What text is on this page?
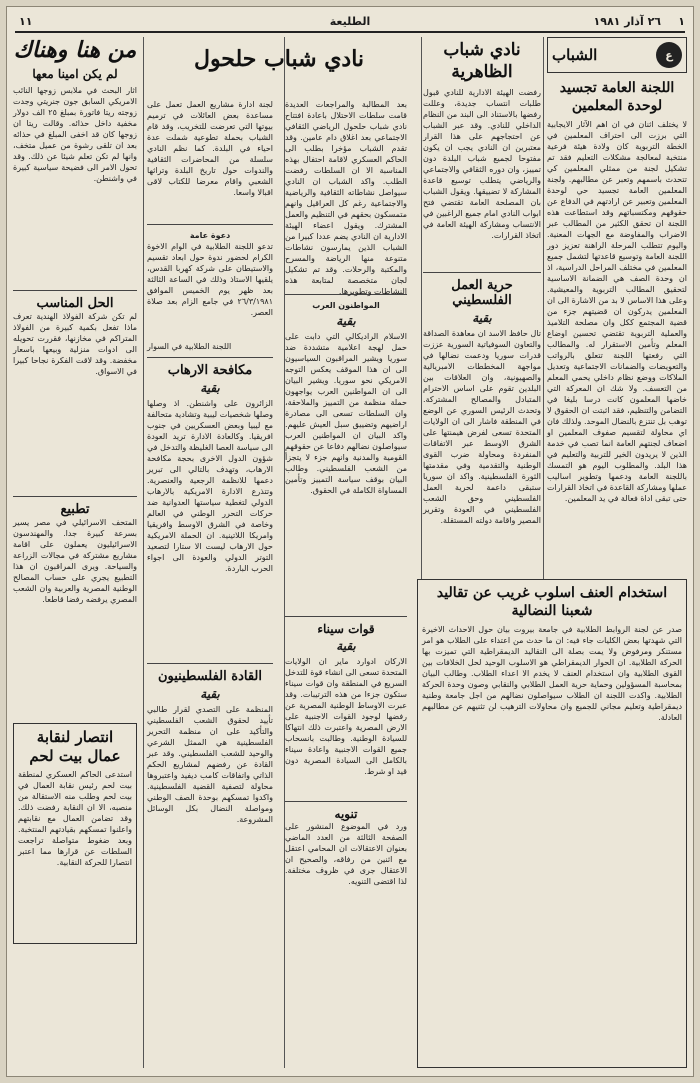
١
٢٦ آذار ١٩٨١
الطليعة
١١
ع
الشباب
اللجنة العامة تجسيد لوحدة المعلمين
لا يختلف اثنان في ان اهم الآثار الايجابية التي برزت الى احتراف المعلمين في الخطة التربوية كان ولادة هيئة فرعية منتخبة لمعالجة مشكلات التعليم فقد تم تشكيل لجنة من ممثلي المعلمين كي تتحدث باسمهم وتعبر عن مطالبهم. ولجنة المعلمين العامة تجسيد حي لوحدة المعلمين وتعبير عن ارادتهم في الدفاع عن حقوقهم ومكتسباتهم وقد استطاعت هذه اللجنة ان تحقق الكثير من المطالب عبر الاضراب والمفاوضة مع الجهات المعنية. واليوم تتطلب المرحلة الراهنة تعزيز دور اللجنة العامة وتوسيع قاعدتها لتشمل جميع المعلمين في مختلف المراحل الدراسية، اذ ان وحدة الصف هي الضمانة الاساسية لتحقيق المطالب التربوية والمعيشية. وعلى هذا الاساس لا بد من الاشارة الى ان المعلمين يدركون ان قضيتهم جزء من قضية المجتمع ككل وان مصلحة التلاميذ والعملية التربوية تقتضي تحسين اوضاع المعلم وتأمين الاستقرار له. والمطالب التي رفعتها اللجنة تتعلق بالرواتب والتعويضات والضمانات الاجتماعية وتعديل الملاكات ووضع نظام داخلي يحمي المعلم من التعسف. ولا شك ان المعركة التي خاضها المعلمون كانت درسا بليغا في التضامن والتنظيم، فقد اثبتت ان الحقوق لا توهب بل تنتزع بالنضال الموحد. ولذلك فان اي محاولة لتقسيم صفوف المعلمين او اضعاف لجنتهم العامة انما تصب في خدمة الذين لا يريدون الخير للتربية والتعليم في هذا البلد. والمطلوب اليوم هو التمسك باللجنة العامة ودعمها وتطوير اساليب عملها ومشاركة القاعدة في اتخاذ القرارات حتى تبقى اداة فعالة في يد المعلمين.
استخدام العنف اسلوب غريب عن تقاليد شعبنا النضالية
صدر عن لجنة الروابط الطلابية في جامعة بيروت بيان حول الاحداث الاخيرة التي شهدتها بعض الكليات جاء فيه: ان ما حدث من اعتداء على الطلاب هو امر مستنكر ومرفوض ولا يمت بصلة الى التقاليد الديمقراطية التي تميزت بها الحركة الطلابية. ان الحوار الديمقراطي هو الاسلوب الوحيد لحل الخلافات بين القوى الطلابية وان استخدام العنف لا يخدم الا اعداء الطلاب. وطالب البيان بمحاسبة المسؤولين وحماية حرية العمل الطلابي والنقابي وصون وحدة الحركة الطلابية. واكدت اللجنة ان الطلاب سيواصلون نضالهم من اجل جامعة وطنية ديمقراطية وتعليم مجاني للجميع وان محاولات الترهيب لن تثنيهم عن مطالبهم العادلة.
نادي شباب الظاهرية
رفضت الهيئة الادارية للنادي قبول طلبات انتساب جديدة، وعللت رفضها بالاستناد الى البند من النظام الداخلي للنادي. وقد عبر الشباب عن احتجاجهم على هذا القرار معتبرين ان النادي يجب ان يكون مفتوحا لجميع شباب البلدة دون تمييز، وان دوره الثقافي والاجتماعي والرياضي يتطلب توسيع قاعدة المشاركة لا تضييقها. ويقول الشباب بان المصلحة العامة تقتضي فتح ابواب النادي امام جميع الراغبين في الانتساب ومشاركة الهيئة العامة في اتخاذ القرارات.
حرية العمل الفلسطيني
بقية
تال حافظ الاسد ان معاهدة الصداقة والتعاون السوفياتية السورية عززت قدرات سوريا ودعمت نضالها في مواجهة المخططات الامبريالية والصهيونية، وان العلاقات بين البلدين تقوم على اساس الاحترام المتبادل والمصالح المشتركة. وتحدث الرئيس السوري عن الوضع في المنطقة فاشار الى ان الولايات المتحدة تسعى لفرض هيمنتها على الشرق الاوسط عبر الاتفاقات المنفردة ومحاولة ضرب القوى الوطنية والتقدمية وفي مقدمتها الثورة الفلسطينية. واكد ان سوريا ستبقى داعمة لحرية العمل الفلسطيني وحق الشعب الفلسطيني في العودة وتقرير المصير واقامة دولته المستقلة.
نادي شباب حلحول
بعد المطالبة والمراجعات العديدة قامت سلطات الاحتلال باعادة افتتاح نادي شباب حلحول الرياضي الثقافي الاجتماعي بعد اغلاق دام عامين. وقد تقدم الشباب مؤخرا بطلب الى الحاكم العسكري لاقامة احتفال بهذه المناسبة الا ان السلطات رفضت الطلب. واكد الشباب ان النادي سيواصل نشاطاته الثقافية والرياضية والاجتماعية رغم كل العراقيل وانهم متمسكون بحقهم في التنظيم والعمل المشترك. ويقول اعضاء الهيئة الادارية ان النادي يضم عددا كبيرا من الشباب الذين يمارسون نشاطات متنوعة منها الرياضة والمسرح والمكتبة والرحلات. وقد تم تشكيل لجان متخصصة لمتابعة هذه النشاطات وتطويرها.
المواطنون العرب
بقية
الاسلام الراديكالي التي دابت على حمل لهجة اعلامية متشددة ضد سوريا ويشير المراقبون السياسيون الى ان هذا الموقف يعكس التوجه الامريكي نحو سوريا. ويشير البيان الى ان المواطنين العرب يواجهون حملة منظمة من التمييز والملاحقة، وان السلطات تسعى الى مصادرة اراضيهم وتضييق سبل العيش عليهم. واكد البيان ان المواطنين العرب سيواصلون نضالهم دفاعا عن حقوقهم القومية والمدنية وانهم جزء لا يتجزأ من الشعب الفلسطيني. وطالب البيان بوقف سياسة التمييز وتأمين المساواة الكاملة في الحقوق.
قوات سيناء
بقية
الاركان ادوارد ماير ان الولايات المتحدة تسعى الى انشاء قوة للتدخل السريع في المنطقة وان قوات سيناء ستكون جزءا من هذه الترتيبات. وقد عبرت الاوساط الوطنية المصرية عن رفضها لوجود القوات الاجنبية على الارض المصرية واعتبرت ذلك انتهاكا للسيادة الوطنية. وطالبت بانسحاب جميع القوات الاجنبية واعادة سيناء بالكامل الى السيادة المصرية دون قيد او شرط.
تنويه
ورد في الموضوع المنشور على الصفحة الثالثة من العدد الماضي بعنوان الاعتقالات ان المحامي اعتقل مع اثنين من رفاقه، والصحيح ان الاعتقال جرى في ظروف مختلفة. لذا اقتضى التنويه.
لجنة ادارة مشاريع العمل تعمل على مساعدة بعض العائلات في ترميم بيوتها التي تعرضت للتخريب، وقد قام الشباب بحملة تطوعية شملت عدة احياء في البلدة. كما نظم النادي سلسلة من المحاضرات الثقافية والندوات حول تاريخ البلدة وتراثها الشعبي واقام معرضا للكتاب لاقى اقبالا واسعا.
دعوة عامة
تدعو اللجنة الطلابية في الوام الاخوة الكرام لحضور ندوة حول ابعاد تقسيم والاستيطان على شركة كهربا القدس، يلقيها الاستاذ وذلك في الساعة الثالثة بعد ظهر يوم الخميس الموافق ٢٦/٣/١٩٨١ في جامع الزام بعد صلاة العصر.
اللجنة الطلابية في السوار
مكافحة الارهاب
بقية
الزائرون على واشنطن. اذ وصلها وصلها شخصيات ليبية وتشادية متحالفة مع ليبيا وبعض العسكريين في جنوب افريقيا. وكالعادة الادارة تريد العودة الى سياسة العصا الغليظة والتدخل في شؤون الدول الاخرى بحجة مكافحة الارهاب، وتهدف بالتالي الى تبرير دعمها للانظمة الرجعية والعنصرية. وتتذرع الادارة الامريكية بالارهاب الدولي لتغطية سياستها العدوانية ضد حركات التحرر الوطني في العالم وخاصة في الشرق الاوسط وافريقيا وامريكا اللاتينية. ان الحملة الامريكية حول الارهاب ليست الا ستارا لتصعيد التوتر الدولي والعودة الى اجواء الحرب الباردة.
القادة الفلسطينيون
بقية
المنظمة على التصدي لقرار طالبي تأييد لحقوق الشعب الفلسطيني والتأكيد على ان منظمة التحرير الفلسطينية هي الممثل الشرعي والوحيد للشعب الفلسطيني. وقد عبر القادة عن رفضهم لمشاريع الحكم الذاتي واتفاقات كامب ديفيد واعتبروها محاولة لتصفية القضية الفلسطينية. واكدوا تمسكهم بوحدة الصف الوطني ومواصلة النضال بكل الوسائل المشروعة.
من هنا وهناك
لم يكن امينا معها
اثار البحث في ملابس زوجها النائب الامريكي السابق جون جنريتي وجدت زوجته ريتا فاتورة بمبلغ ٢٥ الف دولار مخفية داخل حذائه. وقالت ريتا ان زوجها كان قد اخفى المبلغ في حذائه بعد ان تلقى رشوة من عميل متخف، وانها لم تكن تعلم شيئا عن ذلك. وقد تحول الامر الى فضيحة سياسية كبيرة في واشنطن.
الحل المناسب
لم تكن شركة الفولاذ الهندية تعرف ماذا تفعل بكمية كبيرة من الفولاذ المتراكم في مخازنها، فقررت تحويله الى ادوات منزلية وبيعها باسعار مخفضة. وقد لاقت الفكرة نجاحا كبيرا في الاسواق.
تطبيع
المتحف الاسرائيلي في مصر يسير بسرعة كبيرة جدا. والمهندسون الاسرائيليون يعملون على اقامة مشاريع مشتركة في مجالات الزراعة والسياحة. ويرى المراقبون ان هذا التطبيع يجري على حساب المصالح الوطنية المصرية والعربية وان الشعب المصري يرفضه رفضا قاطعا.
انتصار لنقابة عمال بيت لحم
استدعى الحاكم العسكري لمنطقة بيت لحم رئيس نقابة العمال في بيت لحم وطلب منه الاستقالة من منصبه، الا ان النقابة رفضت ذلك. وقد تضامن العمال مع نقابتهم واعلنوا تمسكهم بقيادتهم المنتخبة. وبعد ضغوط متواصلة تراجعت السلطات عن قرارها مما اعتبر انتصارا للحركة النقابية.
